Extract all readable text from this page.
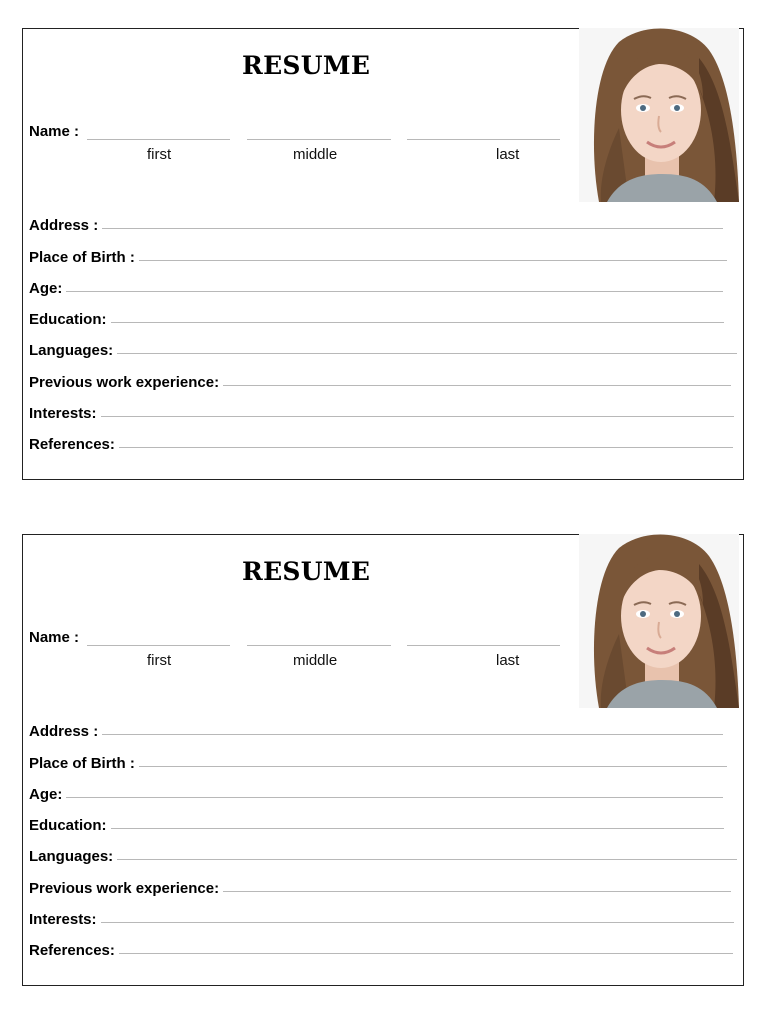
RESUME
Name :
first	middle	last
Address :
Place of Birth :
Age:
Education:
Languages:
Previous work experience:
Interests:
References:
RESUME
Name :
first	middle	last
Address :
Place of Birth :
Age:
Education:
Languages:
Previous work experience:
Interests:
References:
